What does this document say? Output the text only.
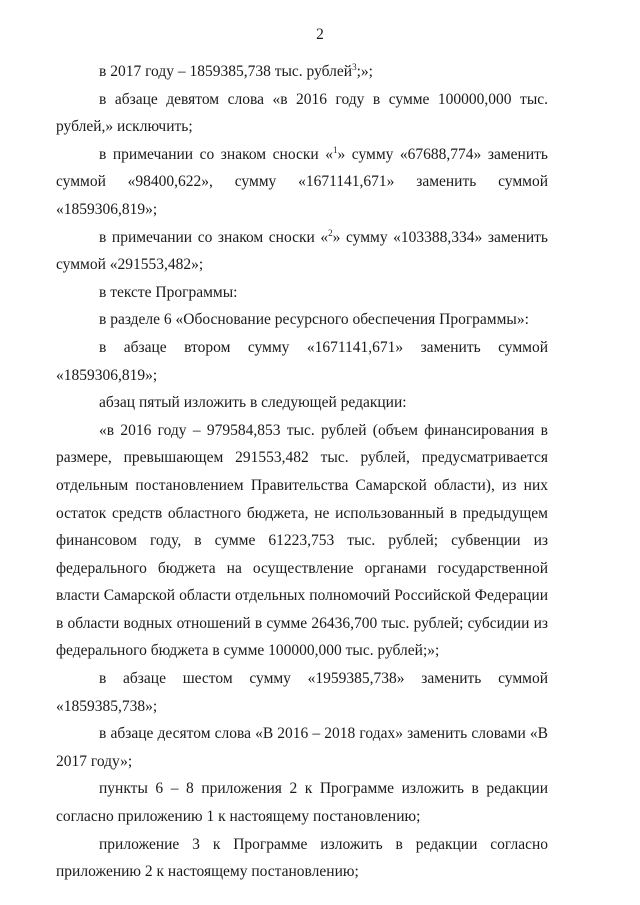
2

в 2017 году – 1859385,738 тыс. рублей$^3$;»;

в абзаце девятом слова «в 2016 году в сумме 100000,000 тыс. рублей,» исключить;

в примечании со знаком сноски «$^1$» сумму «67688,774» заменить суммой «98400,622», сумму «1671141,671» заменить суммой «1859306,819»;

в примечании со знаком сноски «$^2$» сумму «103388,334» заменить суммой «291553,482»;

в тексте Программы:

в разделе 6 «Обоснование ресурсного обеспечения Программы»:

в абзаце втором сумму «1671141,671» заменить суммой «1859306,819»;

абзац пятый изложить в следующей редакции:

«в 2016 году – 979584,853 тыс. рублей (объем финансирования в размере, превышающем 291553,482 тыс. рублей, предусматривается отдельным постановлением Правительства Самарской области), из них остаток средств областного бюджета, не использованный в предыдущем финансовом году, в сумме 61223,753 тыс. рублей; субвенции из федерального бюджета на осуществление органами государственной власти Самарской области отдельных полномочий Российской Федерации в области водных отношений в сумме 26436,700 тыс. рублей; субсидии из федерального бюджета в сумме 100000,000 тыс. рублей;»;

в абзаце шестом сумму «1959385,738» заменить суммой «1859385,738»;

в абзаце десятом слова «В 2016 – 2018 годах» заменить словами «В 2017 году»;

пункты 6 – 8 приложения 2 к Программе изложить в редакции согласно приложению 1 к настоящему постановлению;

приложение 3 к Программе изложить в редакции согласно приложению 2 к настоящему постановлению;
